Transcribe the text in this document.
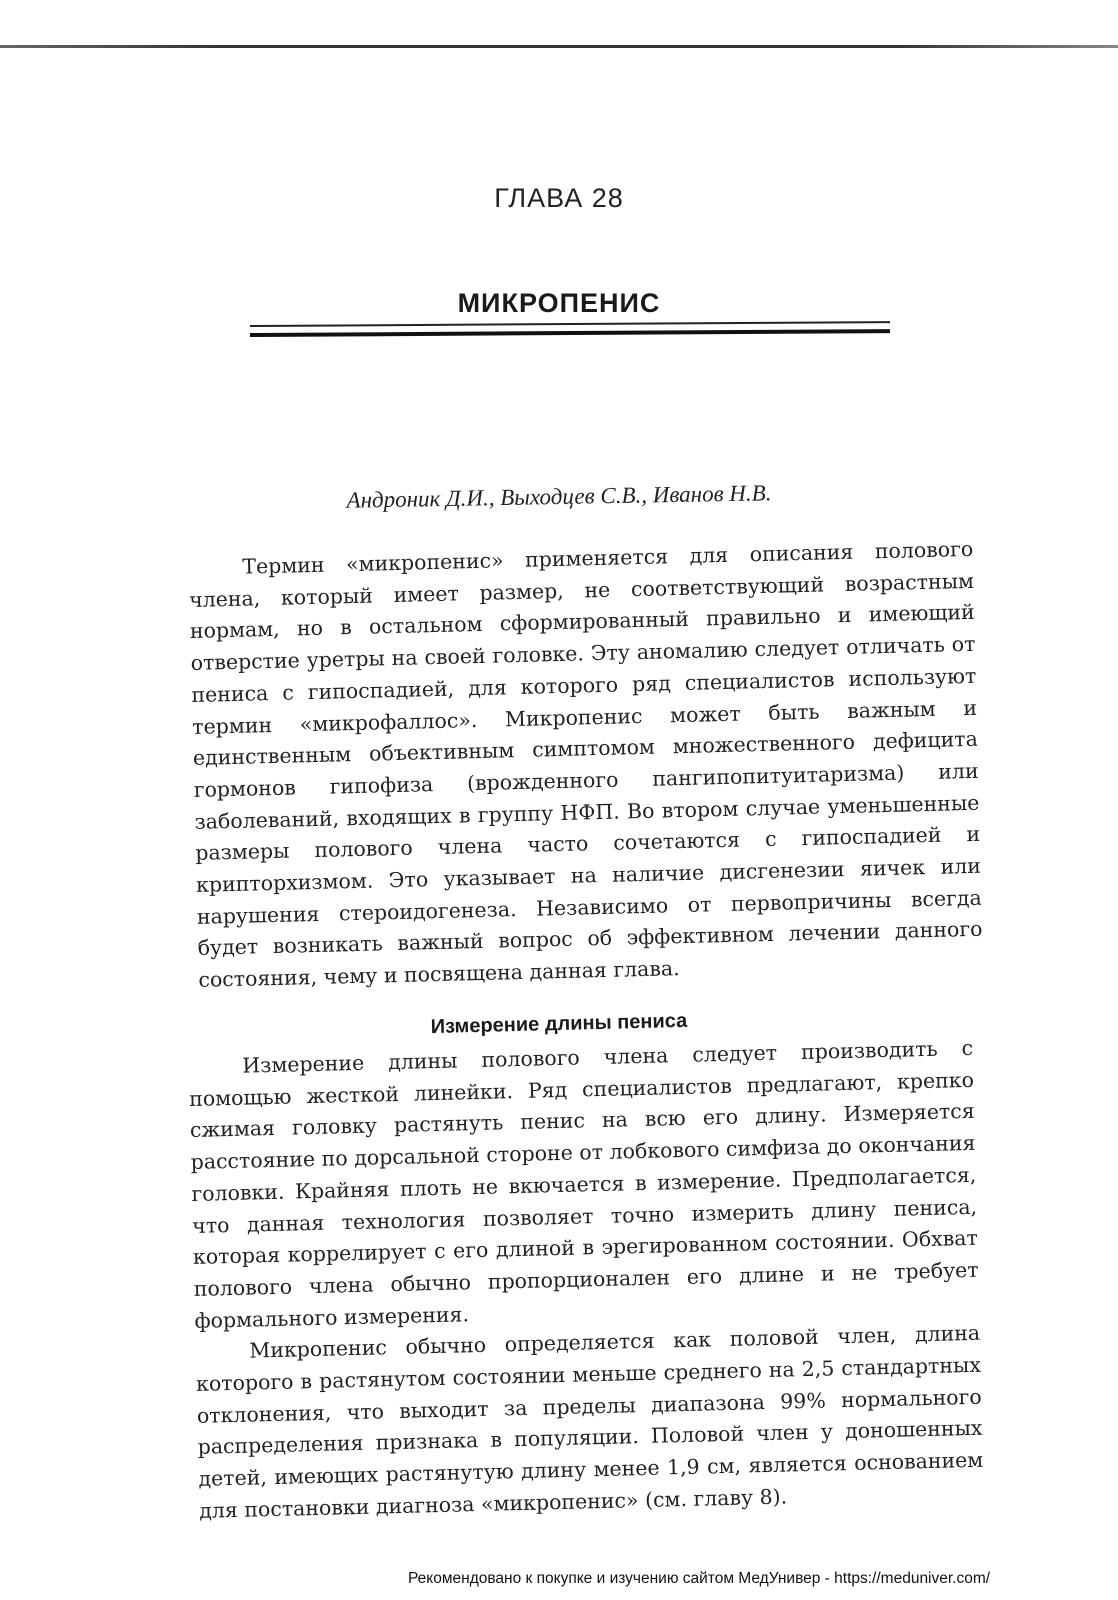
ГЛАВА 28
МИКРОПЕНИС
Андроник Д.И., Выходцев С.В., Иванов Н.В.

Термин «микропенис» применяется для описания полового члена, который имеет размер, не соответствующий возрастным нормам, но в остальном сформированный правильно и имеющий отверстие уретры на своей головке. Эту аномалию следует отличать от пениса с гипоспадией, для которого ряд специалистов используют термин «микрофаллос». Микропенис может быть важным и единственным объективным симптомом множественного дефицита гормонов гипофиза (врожденного пангипопитуитаризма) или заболеваний, входящих в группу НФП. Во втором случае уменьшенные размеры полового члена часто сочетаются с гипоспадией и крипторхизмом. Это указывает на наличие дисгенезии яичек или нарушения стероидогенеза. Независимо от первопричины всегда будет возникать важный вопрос об эффективном лечении данного состояния, чему и посвящена данная глава.

Измерение длины пениса

Измерение длины полового члена следует производить с помощью жесткой линейки. Ряд специалистов предлагают, крепко сжимая головку растянуть пенис на всю его длину. Измеряется расстояние по дорсальной стороне от лобкового симфиза до окончания головки. Крайняя плоть не вкючается в измерение. Предполагается, что данная технология позволяет точно измерить длину пениса, которая коррелирует с его длиной в эрегированном состоянии. Обхват полового члена обычно пропорционален его длине и не требует формального измерения.

Микропенис обычно определяется как половой член, длина которого в растянутом состоянии меньше среднего на 2,5 стандартных отклонения, что выходит за пределы диапазона 99% нормального распределения признака в популяции. Половой член у доношенных детей, имеющих растянутую длину менее 1,9 см, является основанием для постановки диагноза «микропенис» (см. главу 8).

Рекомендовано к покупке и изучению сайтом МедУнивер - https://meduniver.com/
